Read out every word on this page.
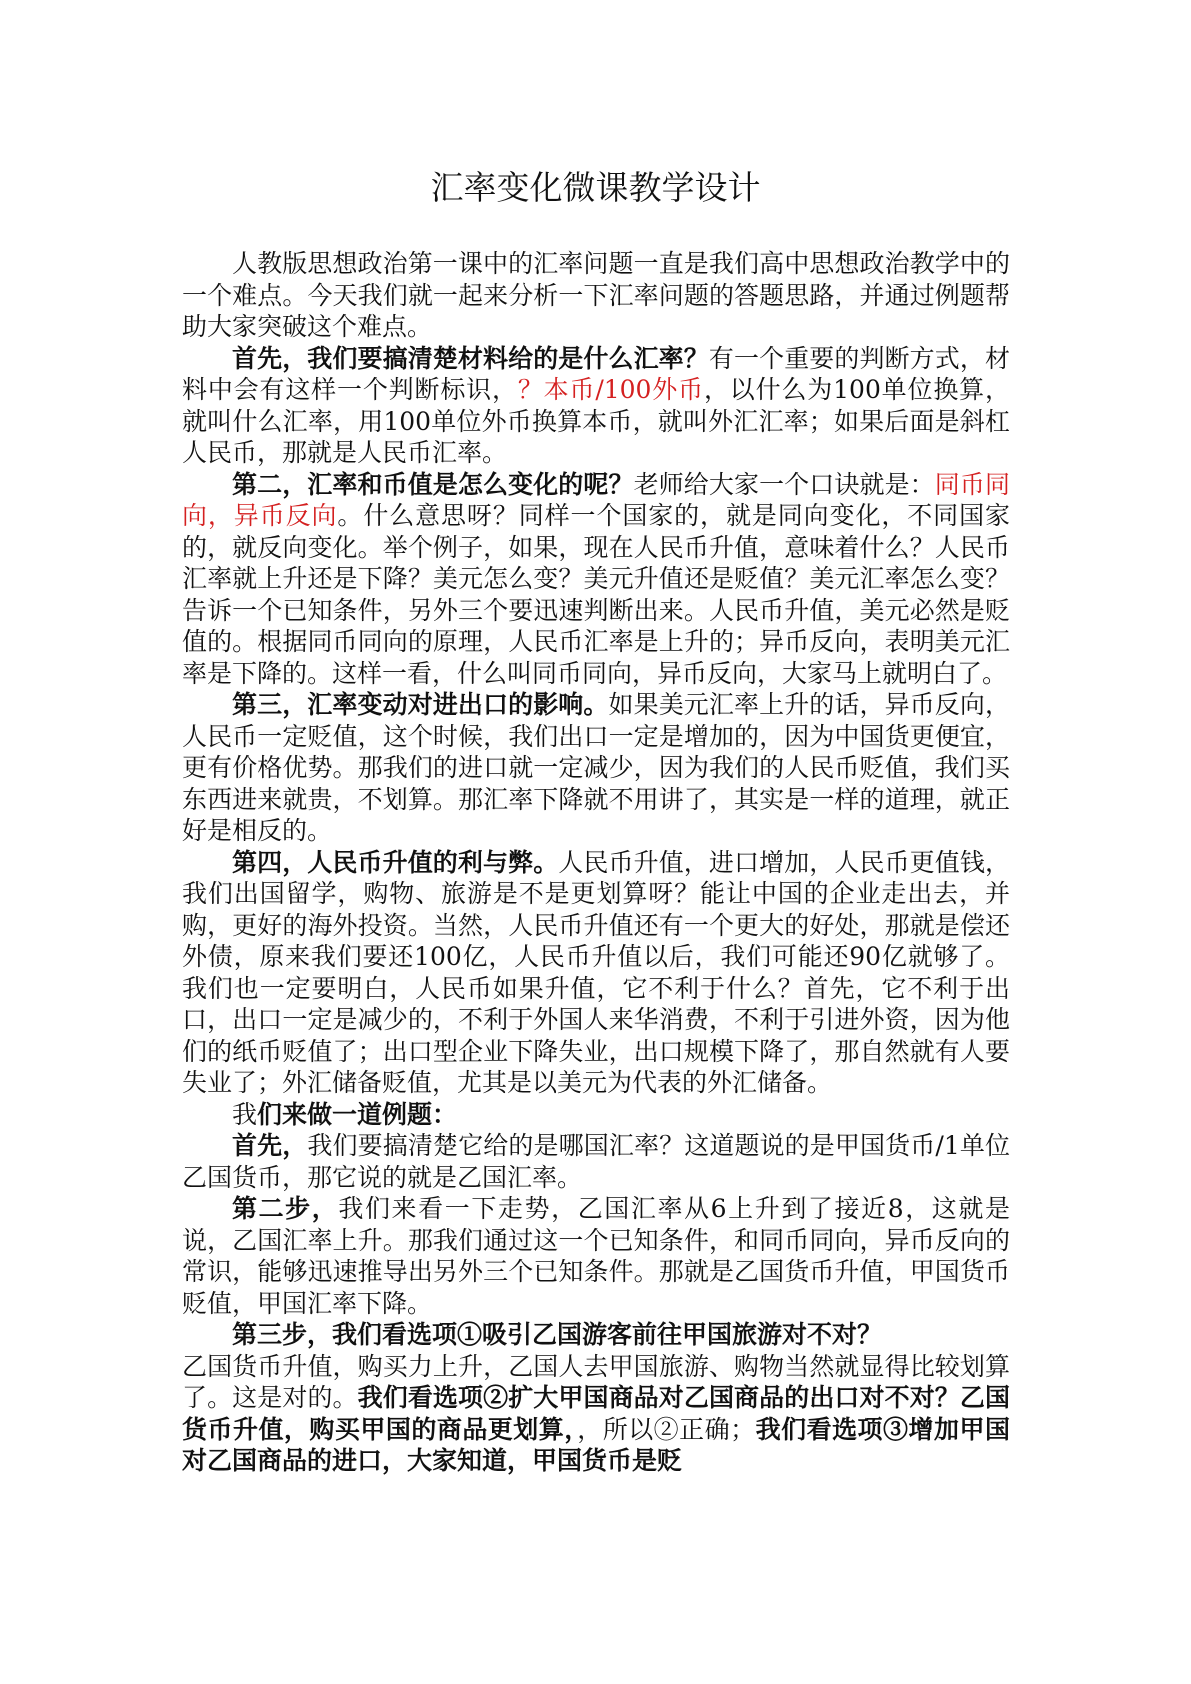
汇率变化微课教学设计

人教版思想政治第一课中的汇率问题一直是我们高中思想政治教学中的一个难点。今天我们就一起来分析一下汇率问题的答题思路，并通过例题帮助大家突破这个难点。

首先，我们要搞清楚材料给的是什么汇率？有一个重要的判断方式，材料中会有这样一个判断标识，？本币/100外币，以什么为100单位换算，就叫什么汇率，用100单位外币换算本币，就叫外汇汇率；如果后面是斜杠人民币，那就是人民币汇率。

第二，汇率和币值是怎么变化的呢？老师给大家一个口诀就是：同币同向，异币反向。什么意思呀？同样一个国家的，就是同向变化，不同国家的，就反向变化。举个例子，如果，现在人民币升值，意味着什么？人民币汇率就上升还是下降？美元怎么变？美元升值还是贬值？美元汇率怎么变？告诉一个已知条件，另外三个要迅速判断出来。人民币升值，美元必然是贬值的。根据同币同向的原理，人民币汇率是上升的；异币反向，表明美元汇率是下降的。这样一看，什么叫同币同向，异币反向，大家马上就明白了。

第三，汇率变动对进出口的影响。如果美元汇率上升的话，异币反向，人民币一定贬值，这个时候，我们出口一定是增加的，因为中国货更便宜，更有价格优势。那我们的进口就一定减少，因为我们的人民币贬值，我们买东西进来就贵，不划算。那汇率下降就不用讲了，其实是一样的道理，就正好是相反的。

第四，人民币升值的利与弊。人民币升值，进口增加，人民币更值钱，我们出国留学，购物、旅游是不是更划算呀？能让中国的企业走出去，并购，更好的海外投资。当然，人民币升值还有一个更大的好处，那就是偿还外债，原来我们要还100亿，人民币升值以后，我们可能还90亿就够了。我们也一定要明白，人民币如果升值，它不利于什么？首先，它不利于出口，出口一定是减少的，不利于外国人来华消费，不利于引进外资，因为他们的纸币贬值了；出口型企业下降失业，出口规模下降了，那自然就有人要失业了；外汇储备贬值，尤其是以美元为代表的外汇储备。

我们来做一道例题：

首先，我们要搞清楚它给的是哪国汇率？这道题说的是甲国货币/1单位乙国货币，那它说的就是乙国汇率。

第二步，我们来看一下走势，乙国汇率从6上升到了接近8，这就是说，乙国汇率上升。那我们通过这一个已知条件，和同币同向，异币反向的常识，能够迅速推导出另外三个已知条件。那就是乙国货币升值，甲国货币贬值，甲国汇率下降。

第三步，我们看选项①吸引乙国游客前往甲国旅游对不对？

乙国货币升值，购买力上升，乙国人去甲国旅游、购物当然就显得比较划算了。这是对的。我们看选项②扩大甲国商品对乙国商品的出口对不对？乙国货币升值，购买甲国的商品更划算，，所以②正确；我们看选项③增加甲国对乙国商品的进口，大家知道，甲国货币是贬
